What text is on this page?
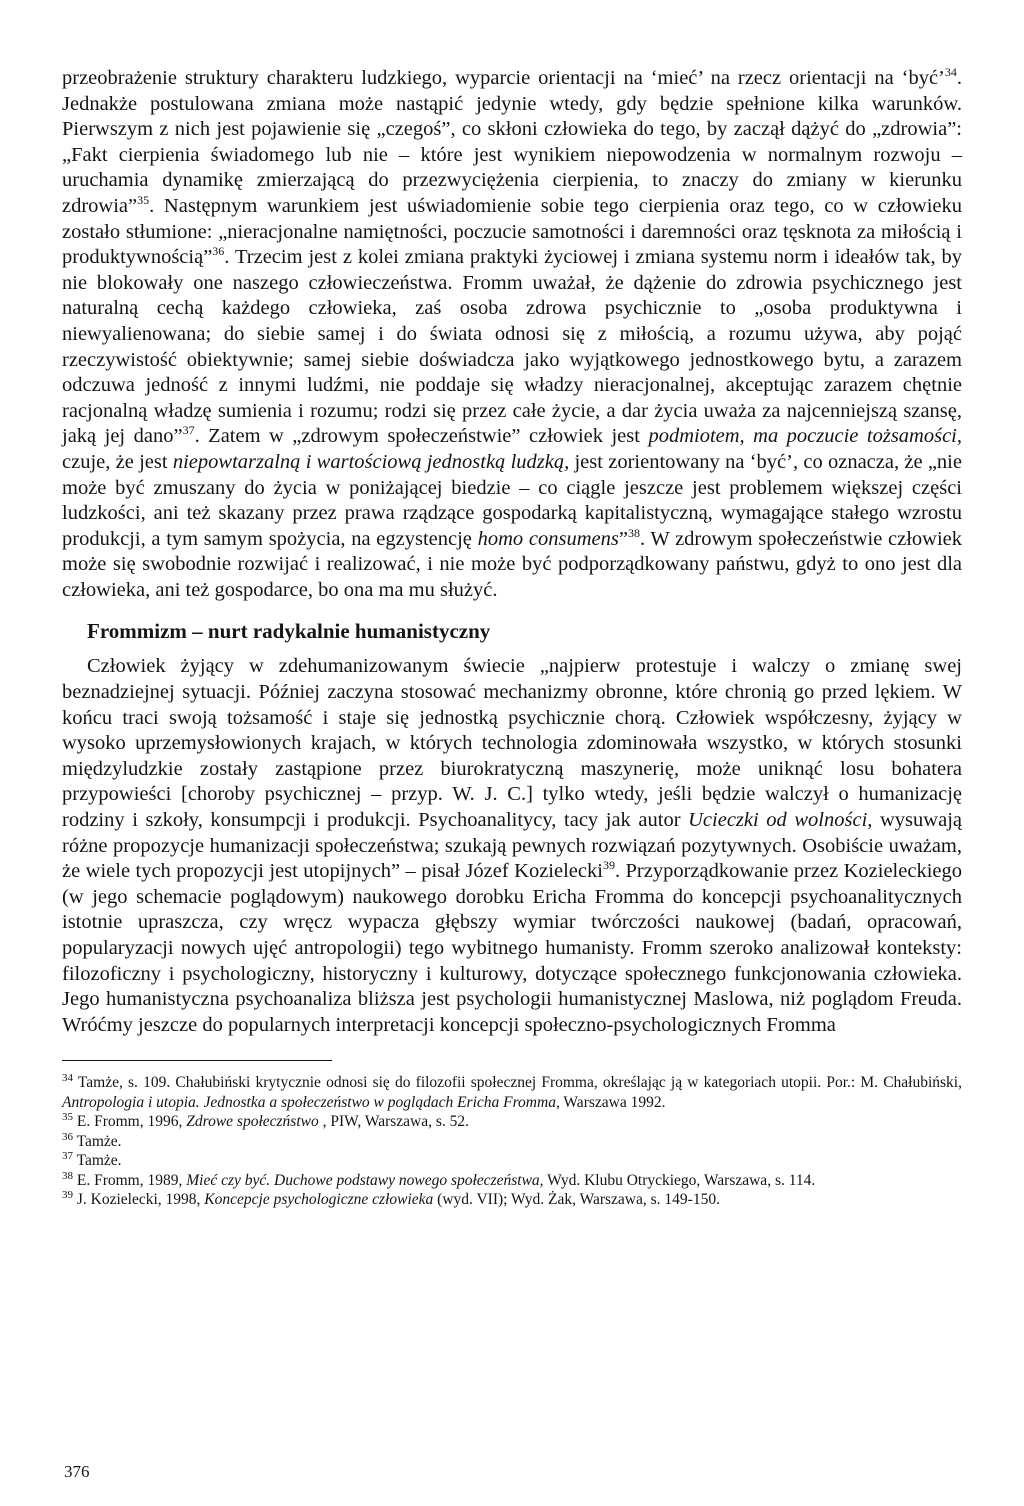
przeobrażenie struktury charakteru ludzkiego, wyparcie orientacji na ‘mieć’ na rzecz orientacji na ‘być’$^{34}$. Jednakże postulowana zmiana może nastąpić jedynie wtedy, gdy będzie spełnione kilka warunków. Pierwszym z nich jest pojawienie się „czegoś”, co skłoni człowieka do tego, by zaczął dążyć do „zdrowia”: „Fakt cierpienia świadomego lub nie – które jest wynikiem niepowodzenia w normalnym rozwoju – uruchamia dynamikę zmierzającą do przezwyciężenia cierpienia, to znaczy do zmiany w kierunku zdrowia”$^{35}$. Następnym warunkiem jest uświadomienie sobie tego cierpienia oraz tego, co w człowieku zostało stłumione: „nieracjonalne namiętności, poczucie samotności i daremności oraz tęsknota za miłością i produktywnością”$^{36}$. Trzecim jest z kolei zmiana praktyki życiowej i zmiana systemu norm i ideałów tak, by nie blokowały one naszego człowieczeństwa. Fromm uważał, że dążenie do zdrowia psychicznego jest naturalną cechą każdego człowieka, zaś osoba zdrowa psychicznie to „osoba produktywna i niewyalienowana; do siebie samej i do świata odnosi się z miłością, a rozumu używa, aby pojąć rzeczywistość obiektywnie; samej siebie doświadcza jako wyjątkowego jednostkowego bytu, a zarazem odczuwa jedność z innymi ludźmi, nie poddaje się władzy nieracjonalnej, akceptując zarazem chętnie racjonalną władzę sumienia i rozumu; rodzi się przez całe życie, a dar życia uważa za najcenniejszą szansę, jaką jej dano”$^{37}$. Zatem w „zdrowym społeczeństwie” człowiek jest podmiotem, ma poczucie tożsamości, czuje, że jest niepowtarzalną i wartościową jednostką ludzką, jest zorientowany na ‘być’, co oznacza, że „nie może być zmuszany do życia w poniżającej biedzie – co ciągle jeszcze jest problemem większej części ludzkości, ani też skazany przez prawa rządzące gospodarką kapitalistyczną, wymagające stałego wzrostu produkcji, a tym samym spożycia, na egzystencję homo consumens”$^{38}$. W zdrowym społeczeństwie człowiek może się swobodnie rozwijać i realizować, i nie może być podporządkowany państwu, gdyż to ono jest dla człowieka, ani też gospodarce, bo ona ma mu służyć.

Frommizm – nurt radykalnie humanistyczny

Człowiek żyjący w zdehumanizowanym świecie „najpierw protestuje i walczy o zmianę swej beznadziejnej sytuacji. Później zaczyna stosować mechanizmy obronne, które chronią go przed lękiem. W końcu traci swoją tożsamość i staje się jednostką psychicznie chorą. Człowiek współczesny, żyjący w wysoko uprzemysłowionych krajach, w których technologia zdominowała wszystko, w których stosunki międzyludzkie zostały zastąpione przez biurokratyczną maszynerię, może uniknąć losu bohatera przypowieści [choroby psychicznej – przyp. W. J. C.] tylko wtedy, jeśli będzie walczył o humanizację rodziny i szkoły, konsumpcji i produkcji. Psychoanalitycy, tacy jak autor Ucieczki od wolności, wysuwają różne propozycje humanizacji społeczeństwa; szukają pewnych rozwiązań pozytywnych. Osobiście uważam, że wiele tych propozycji jest utopijnych” – pisał Józef Kozielecki$^{39}$. Przyporządkowanie przez Kozieleckiego (w jego schemacie poglądowym) naukowego dorobku Ericha Fromma do koncepcji psychoanalitycznych istotnie upraszcza, czy wręcz wypacza głębszy wymiar twórczości naukowej (badań, opracowań, popularyzacji nowych ujęć antropologii) tego wybitnego humanisty. Fromm szeroko analizował konteksty: filozoficzny i psychologiczny, historyczny i kulturowy, dotyczące społecznego funkcjonowania człowieka. Jego humanistyczna psychoanaliza bliższa jest psychologii humanistycznej Maslowa, niż poglądom Freuda. Wróćmy jeszcze do popularnych interpretacji koncepcji społeczno-psychologicznych Fromma

$^{34}$ Tamże, s. 109. Chałubiński krytycznie odnosi się do filozofii społecznej Fromma, określając ją w kategoriach utopii. Por.: M. Chałubiński, Antropologia i utopia. Jednostka a społeczeństwo w poglądach Ericha Fromma, Warszawa 1992.

$^{35}$ E. Fromm, 1996, Zdrowe społeczństwo , PIW, Warszawa, s. 52.

$^{36}$ Tamże.

$^{37}$ Tamże.

$^{38}$ E. Fromm, 1989, Mieć czy być. Duchowe podstawy nowego społeczeństwa, Wyd. Klubu Otryckiego, Warszawa, s. 114.

$^{39}$ J. Kozielecki, 1998, Koncepcje psychologiczne człowieka (wyd. VII); Wyd. Żak, Warszawa, s. 149-150.

376
